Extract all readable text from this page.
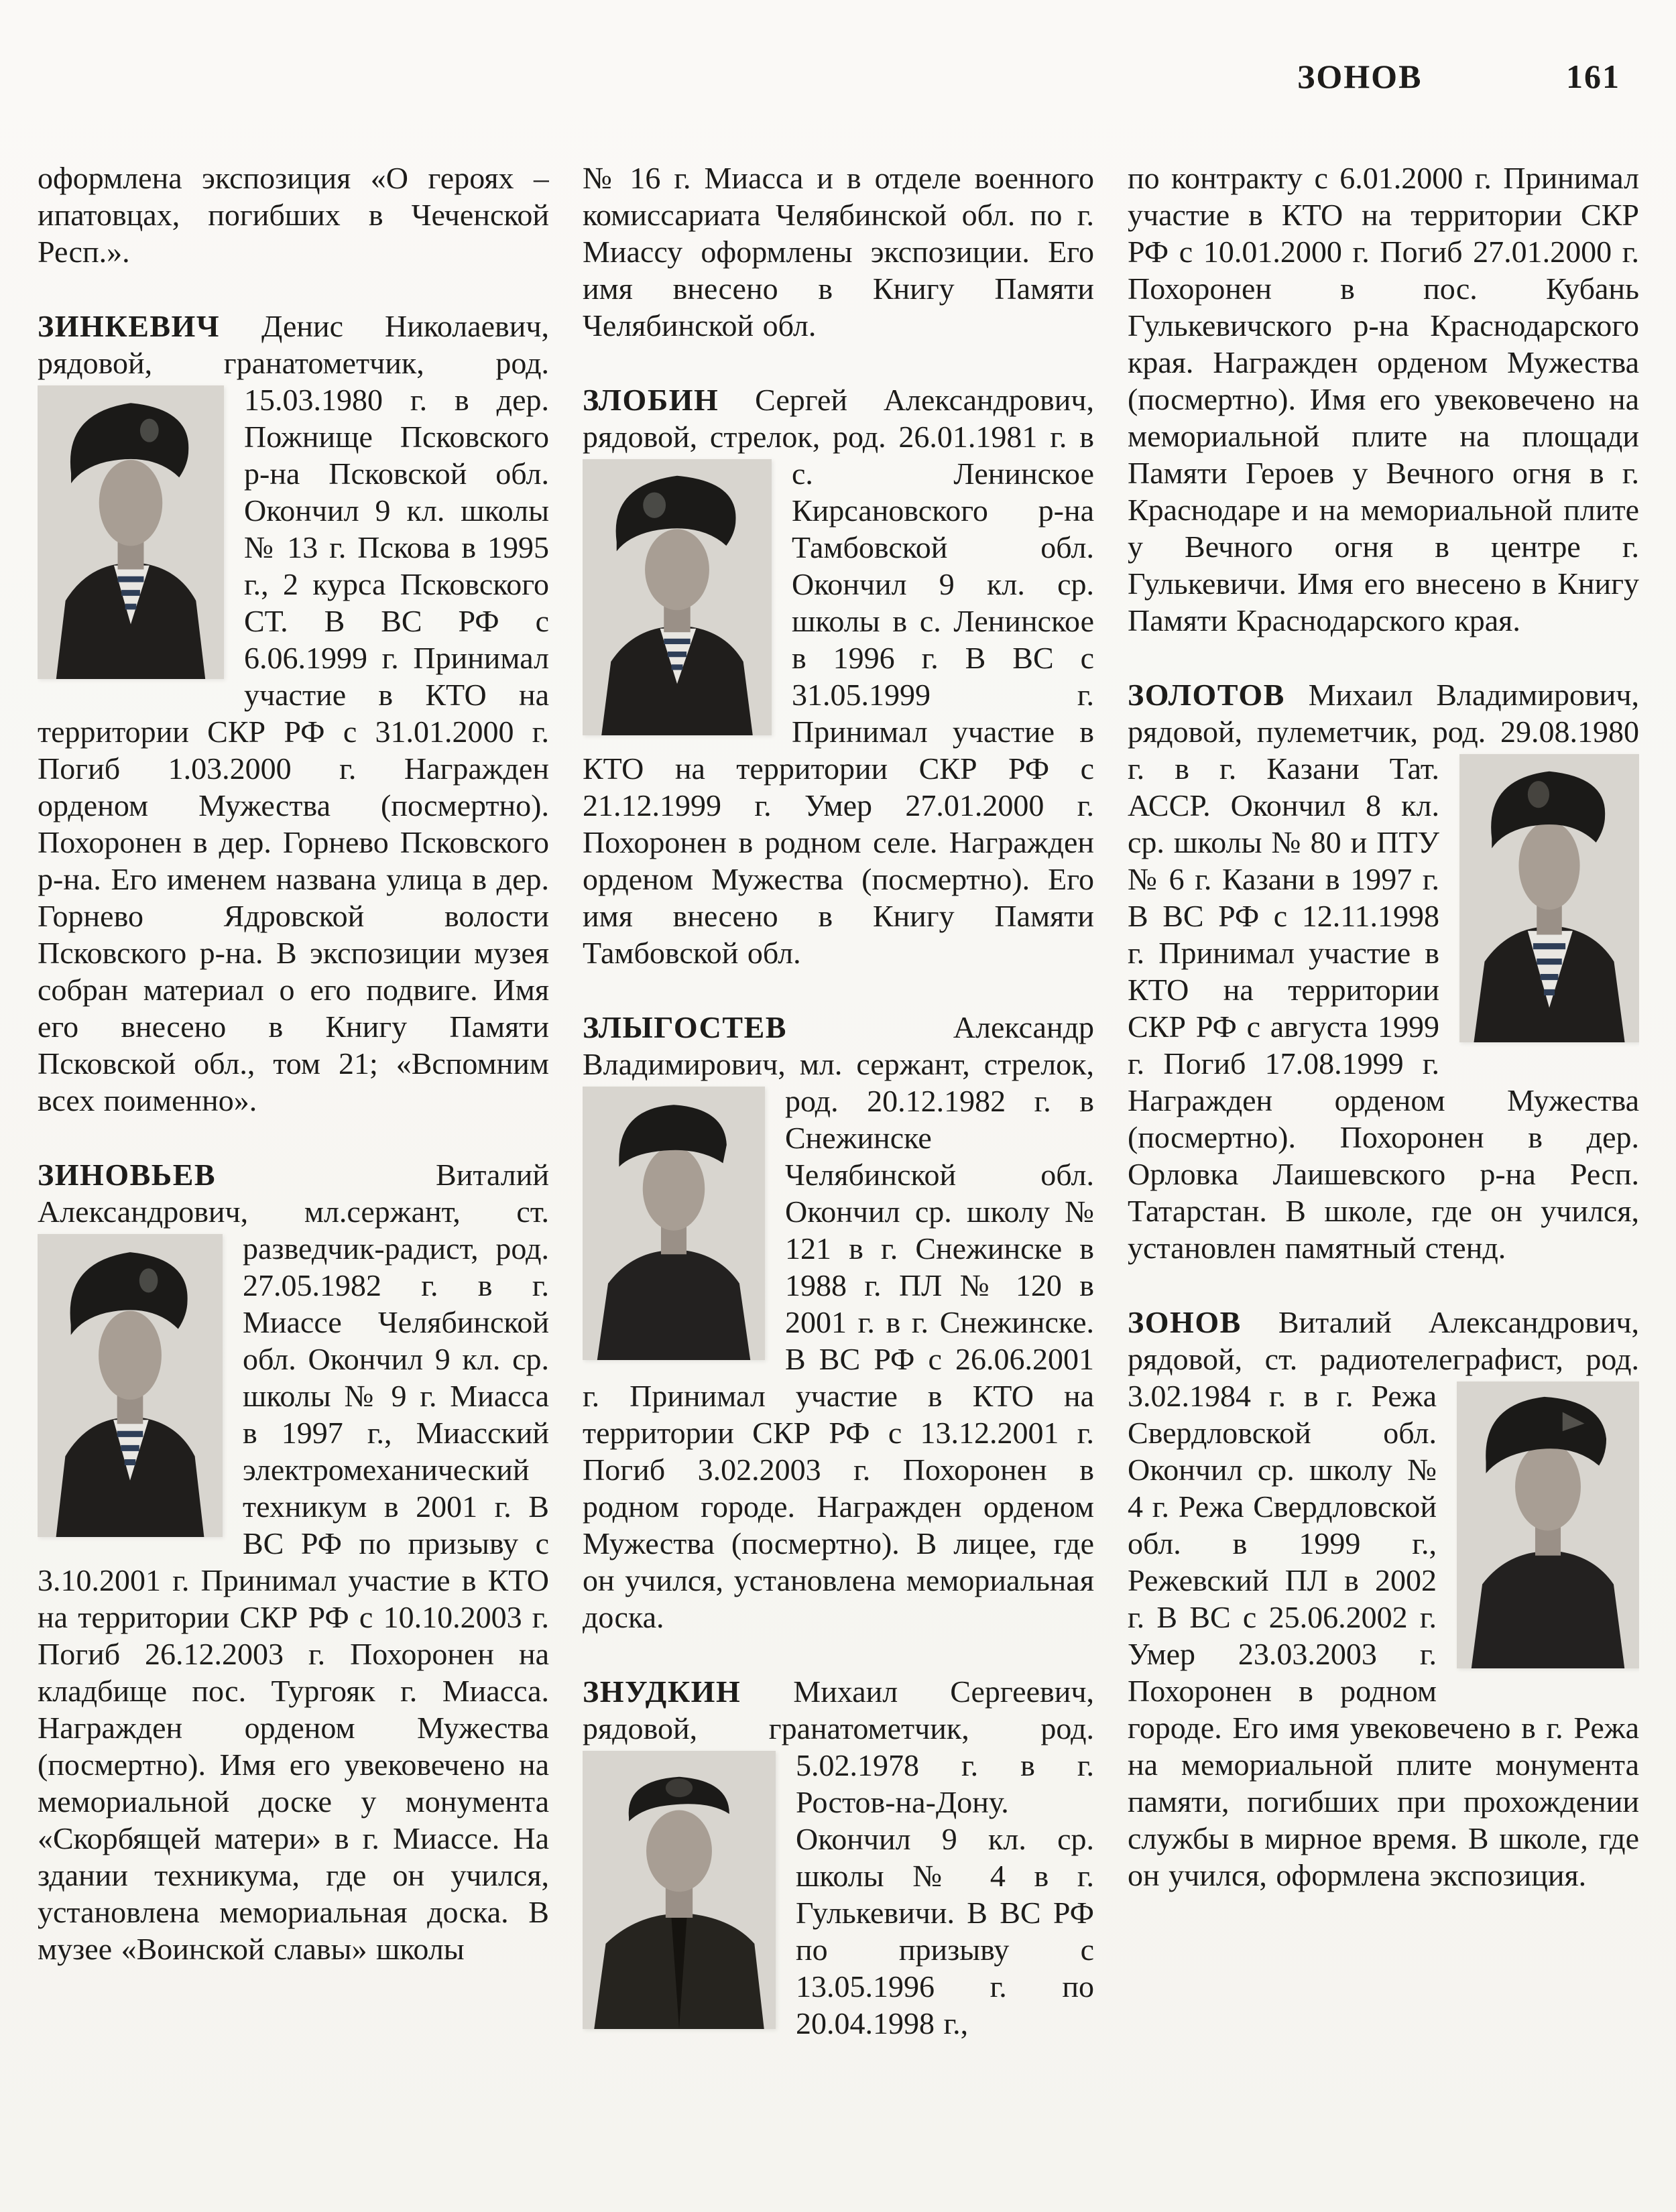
ЗОНОВ	161

оформлена экспозиция «О героях – ипатовцах, погибших в Чеченской Респ.».

ЗИНКЕВИЧ Денис Николаевич, рядовой, гранатометчик, род.
15.03.1980 г. в дер. Пожнище Псковского р-на Псковской обл. Окончил 9 кл. школы № 13 г. Пскова в 1995 г., 2 курса Псковского СТ. В ВС РФ с 6.06.1999 г. Принимал участие в КТО на территории СКР РФ с 31.01.2000 г. Погиб 1.03.2000 г. Награжден орденом Мужества (посмертно). Похоронен в дер. Горнево Псковского р-на. Его именем названа улица в дер. Горнево Ядровской волости Псковского р-на. В экспозиции музея собран материал о его подвиге. Имя его внесено в Книгу Памяти Псковской обл., том 21; «Вспомним всех поименно».

ЗИНОВЬЕВ Виталий Александрович, мл.сержант, ст. разведчик-радист, род.
27.05.1982 г. в г. Миассе Челябинской обл. Окончил 9 кл. ср. школы № 9 г. Миасса в 1997 г., Миасский электромеханический техникум в 2001 г. В ВС РФ по призыву с 3.10.2001 г. Принимал участие в КТО на территории СКР РФ с 10.10.2003 г. Погиб 26.12.2003 г. Похоронен на кладбище пос. Тургояк г. Миасса. Награжден орденом Мужества (посмертно). Имя его увековечено на мемориальной доске у монумента «Скорбящей матери» в г. Миассе. На здании техникума, где он учился, установлена мемориальная доска. В музее «Воинской славы» школы

№ 16 г. Миасса и в отделе военного комиссариата Челябинской обл. по г. Миассу оформлены экспозиции. Его имя внесено в Книгу Памяти Челябинской обл.

ЗЛОБИН Сергей Александрович, рядовой, стрелок, род. 26.01.1981 г.
в с. Ленинское Кирсановского р-на Тамбовской обл. Окончил 9 кл. ср. школы в с. Ленинское в 1996 г. В ВС с 31.05.1999 г. Принимал участие в КТО на территории СКР РФ с 21.12.1999 г. Умер 27.01.2000 г. Похоронен в родном селе. Награжден орденом Мужества (посмертно). Его имя внесено в Книгу Памяти Тамбовской обл.

ЗЛЫГОСТЕВ Александр Владимирович, мл. сержант, стрелок, род.
20.12.1982 г. в Снежинске Челябинской обл. Окончил ср. школу № 121 в г. Снежинске в 1988 г. ПЛ № 120 в 2001 г. в г. Снежинске. В ВС РФ с 26.06.2001 г. Принимал участие в КТО на территории СКР РФ с 13.12.2001 г. Погиб 3.02.2003 г. Похоронен в родном городе. Награжден орденом Мужества (посмертно). В лицее, где он учился, установлена мемориальная доска.

ЗНУДКИН Михаил Сергеевич, рядовой, гранатометчик, род.
5.02.1978 г. в г. Ростов-на-Дону. Окончил 9 кл. ср. школы № 4 в г. Гулькевичи. В ВС РФ по призыву с 13.05.1996 г. по 20.04.1998 г.,

по контракту с 6.01.2000 г. Принимал участие в КТО на территории СКР РФ с 10.01.2000 г. Погиб 27.01.2000 г. Похоронен в пос. Кубань Гулькевичского р-на Краснодарского края. Награжден орденом Мужества (посмертно). Имя его увековечено на мемориальной плите на площади Памяти Героев у Вечного огня в г. Краснодаре и на мемориальной плите у Вечного огня в центре г. Гулькевичи. Имя его внесено в Книгу Памяти Краснодарского края.

ЗОЛОТОВ Михаил Владимирович, рядовой, пулеметчик, род.
29.08.1980 г. в г. Казани Тат. АССР. Окончил 8 кл. ср. школы № 80 и ПТУ № 6 г. Казани в 1997 г. В ВС РФ с 12.11.1998 г. Принимал участие в КТО на территории СКР РФ с августа 1999 г. Погиб 17.08.1999 г. Награжден орденом Мужества (посмертно). Похоронен в дер. Орловка Лаишевского р-на Респ. Татарстан. В школе, где он учился, установлен памятный стенд.

ЗОНОВ Виталий Александрович, рядовой, ст. радиотелеграфист, род.
3.02.1984 г. в г. Режа Свердловской обл. Окончил ср. школу № 4 г. Режа Свердловской обл. в 1999 г., Режевский ПЛ в 2002 г. В ВС с 25.06.2002 г. Умер 23.03.2003 г. Похоронен в родном городе. Его имя увековечено в г. Режа на мемориальной плите монумента памяти, погибших при прохождении службы в мирное время. В школе, где он учился, оформлена экспозиция.
